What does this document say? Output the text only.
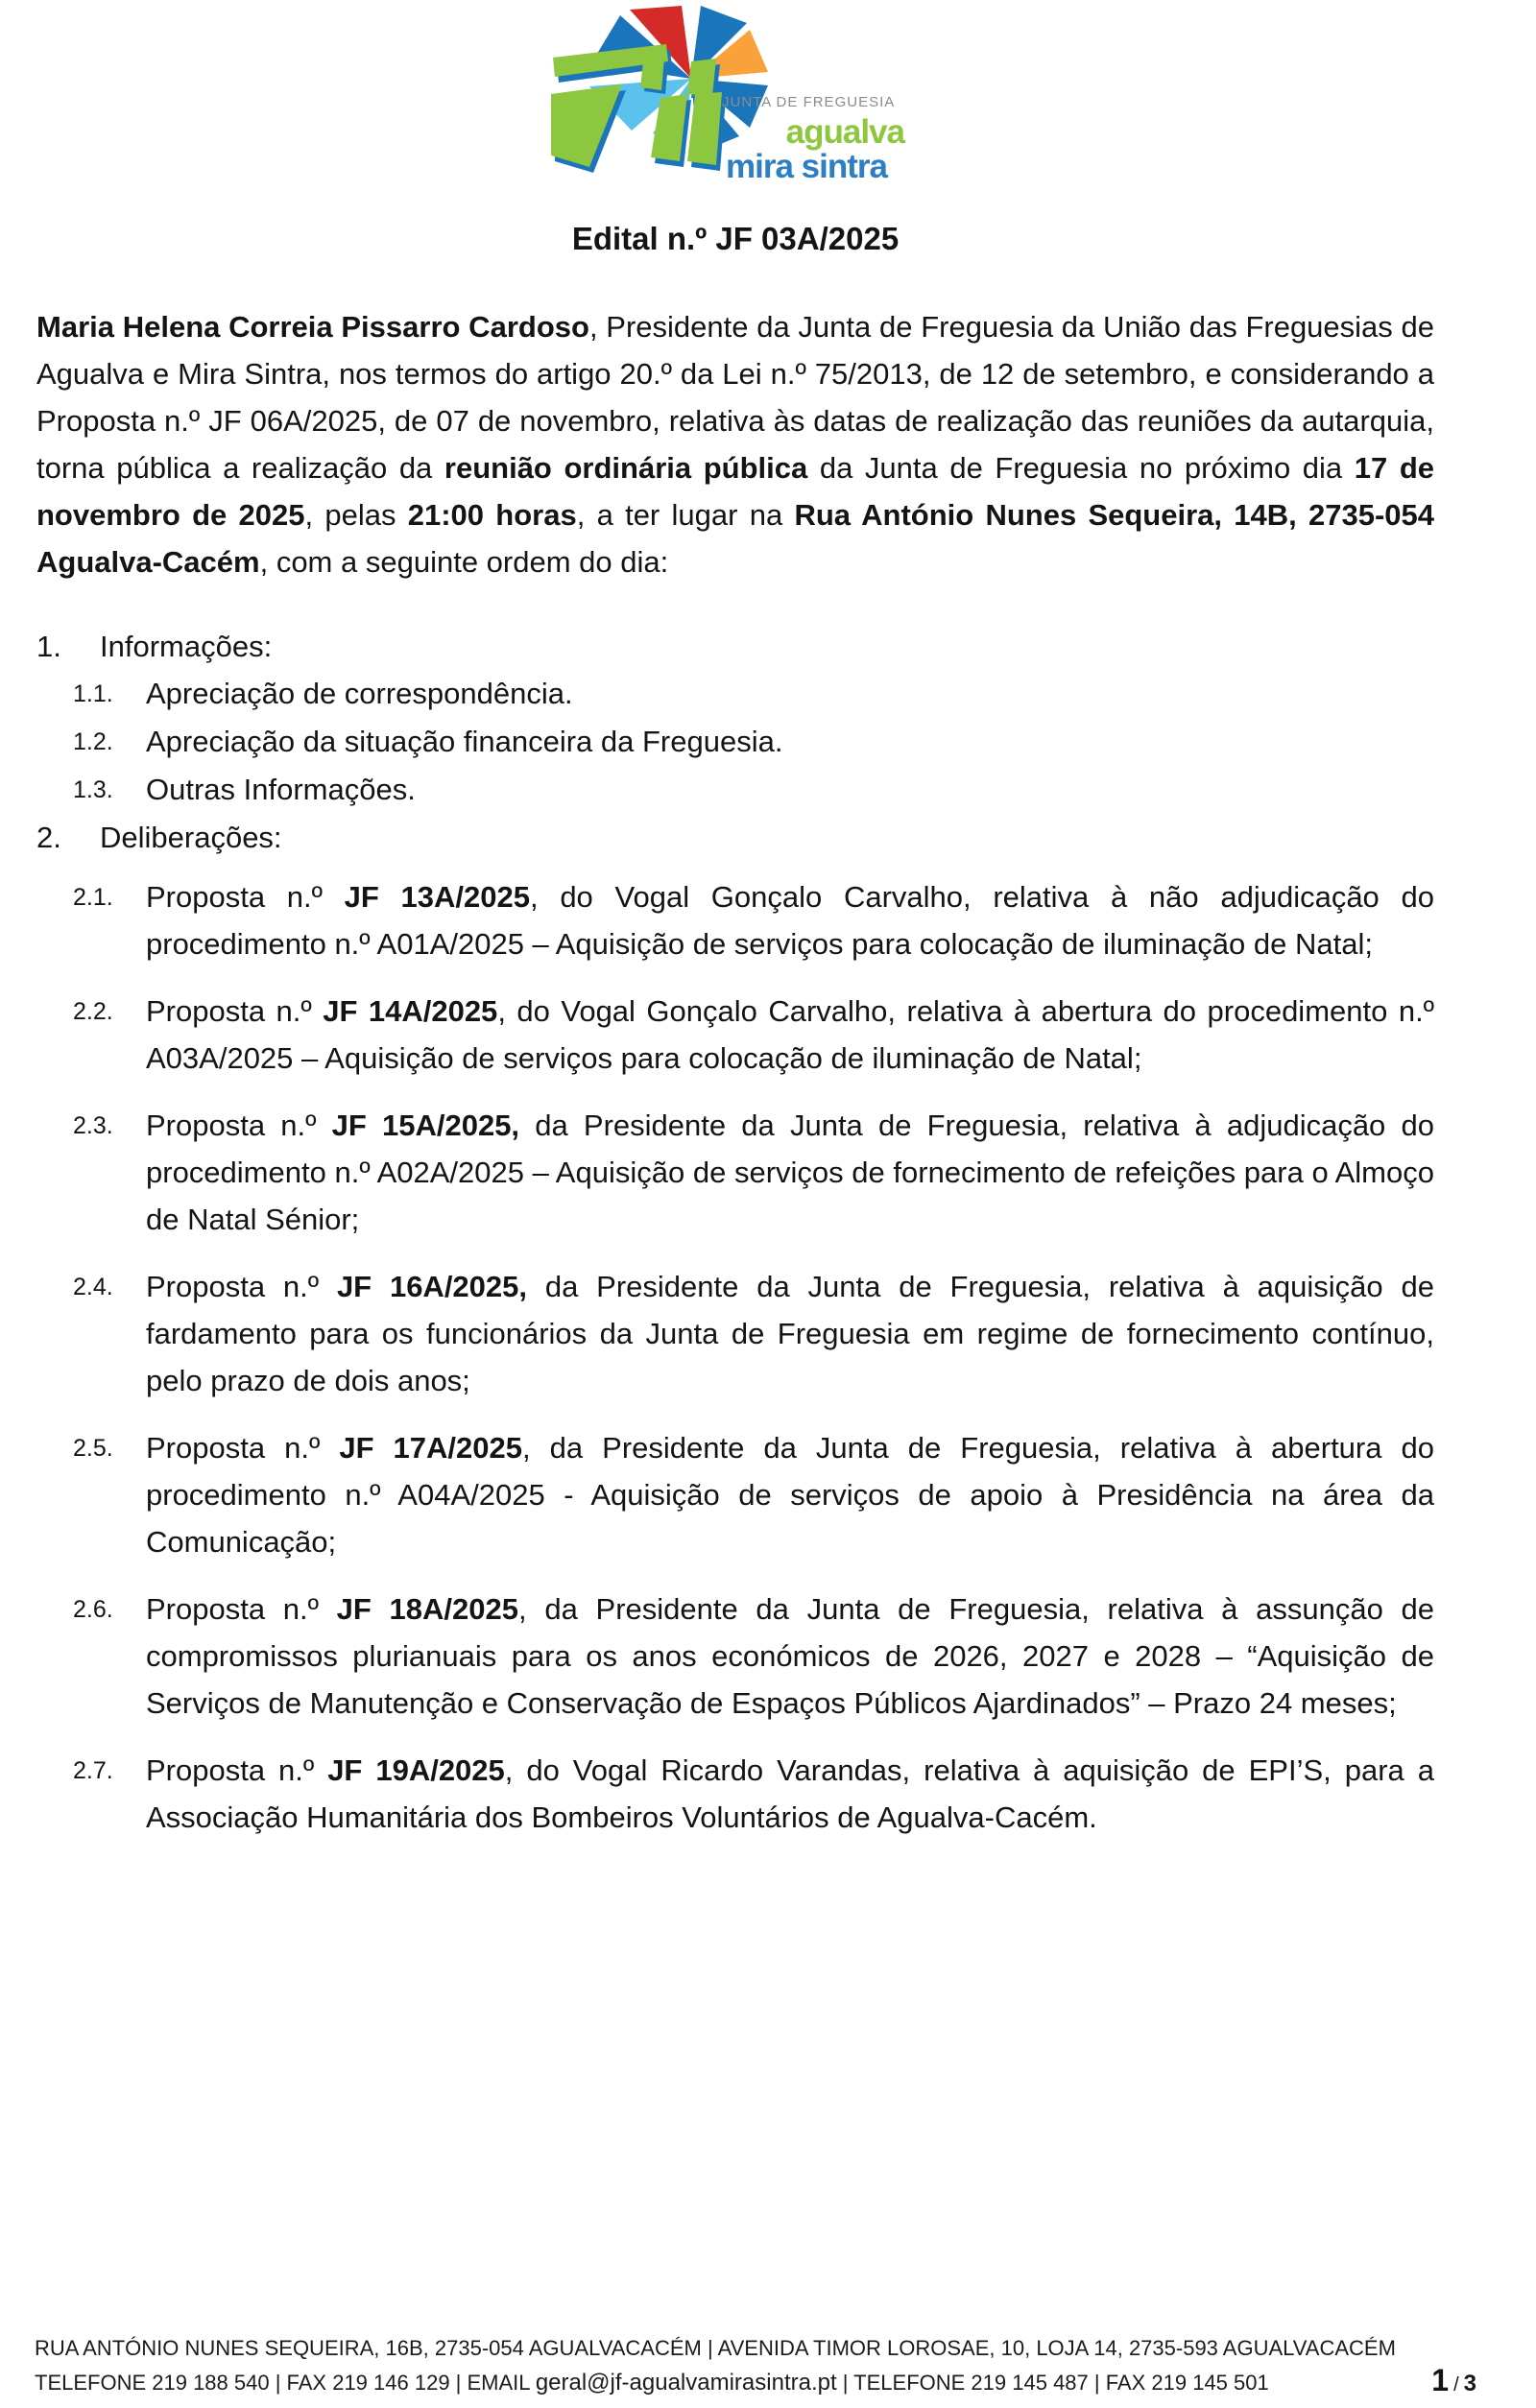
JUNTA DE FREGUESIA
agualva
mira sintra
Edital n.º JF 03A/2025

Maria Helena Correia Pissarro Cardoso, Presidente da Junta de Freguesia da União das Freguesias de Agualva e Mira Sintra, nos termos do artigo 20.º da Lei n.º 75/2013, de 12 de setembro, e considerando a Proposta n.º JF 06A/2025, de 07 de novembro, relativa às datas de realização das reuniões da autarquia, torna pública a realização da reunião ordinária pública da Junta de Freguesia no próximo dia 17 de novembro de 2025, pelas 21:00 horas, a ter lugar na Rua António Nunes Sequeira, 14B, 2735-054 Agualva-Cacém, com a seguinte ordem do dia:

1.	Informações:
1.1.	Apreciação de correspondência.
1.2.	Apreciação da situação financeira da Freguesia.
1.3.	Outras Informações.
2.	Deliberações:
2.1.	Proposta n.º JF 13A/2025, do Vogal Gonçalo Carvalho, relativa à não adjudicação do procedimento n.º A01A/2025 – Aquisição de serviços para colocação de iluminação de Natal;
2.2.	Proposta n.º JF 14A/2025, do Vogal Gonçalo Carvalho, relativa à abertura do procedimento n.º A03A/2025 – Aquisição de serviços para colocação de iluminação de Natal;
2.3.	Proposta n.º JF 15A/2025, da Presidente da Junta de Freguesia, relativa à adjudicação do procedimento n.º A02A/2025 – Aquisição de serviços de fornecimento de refeições para o Almoço de Natal Sénior;
2.4.	Proposta n.º JF 16A/2025, da Presidente da Junta de Freguesia, relativa à aquisição de fardamento para os funcionários da Junta de Freguesia em regime de fornecimento contínuo, pelo prazo de dois anos;
2.5.	Proposta n.º JF 17A/2025, da Presidente da Junta de Freguesia, relativa à abertura do procedimento n.º A04A/2025 - Aquisição de serviços de apoio à Presidência na área da Comunicação;
2.6.	Proposta n.º JF 18A/2025, da Presidente da Junta de Freguesia, relativa à assunção de compromissos plurianuais para os anos económicos de 2026, 2027 e 2028 – “Aquisição de Serviços de Manutenção e Conservação de Espaços Públicos Ajardinados” – Prazo 24 meses;
2.7.	Proposta n.º JF 19A/2025, do Vogal Ricardo Varandas, relativa à aquisição de EPI’S, para a Associação Humanitária dos Bombeiros Voluntários de Agualva-Cacém.
RUA ANTÓNIO NUNES SEQUEIRA, 16B, 2735-054 AGUALVACACÉM | AVENIDA TIMOR LOROSAE, 10, LOJA 14, 2735-593 AGUALVACACÉM
TELEFONE 219 188 540 | FAX 219 146 129 | EMAIL geral@jf-agualvamirasintra.pt | TELEFONE 219 145 487 | FAX 219 145 501	1 / 3
